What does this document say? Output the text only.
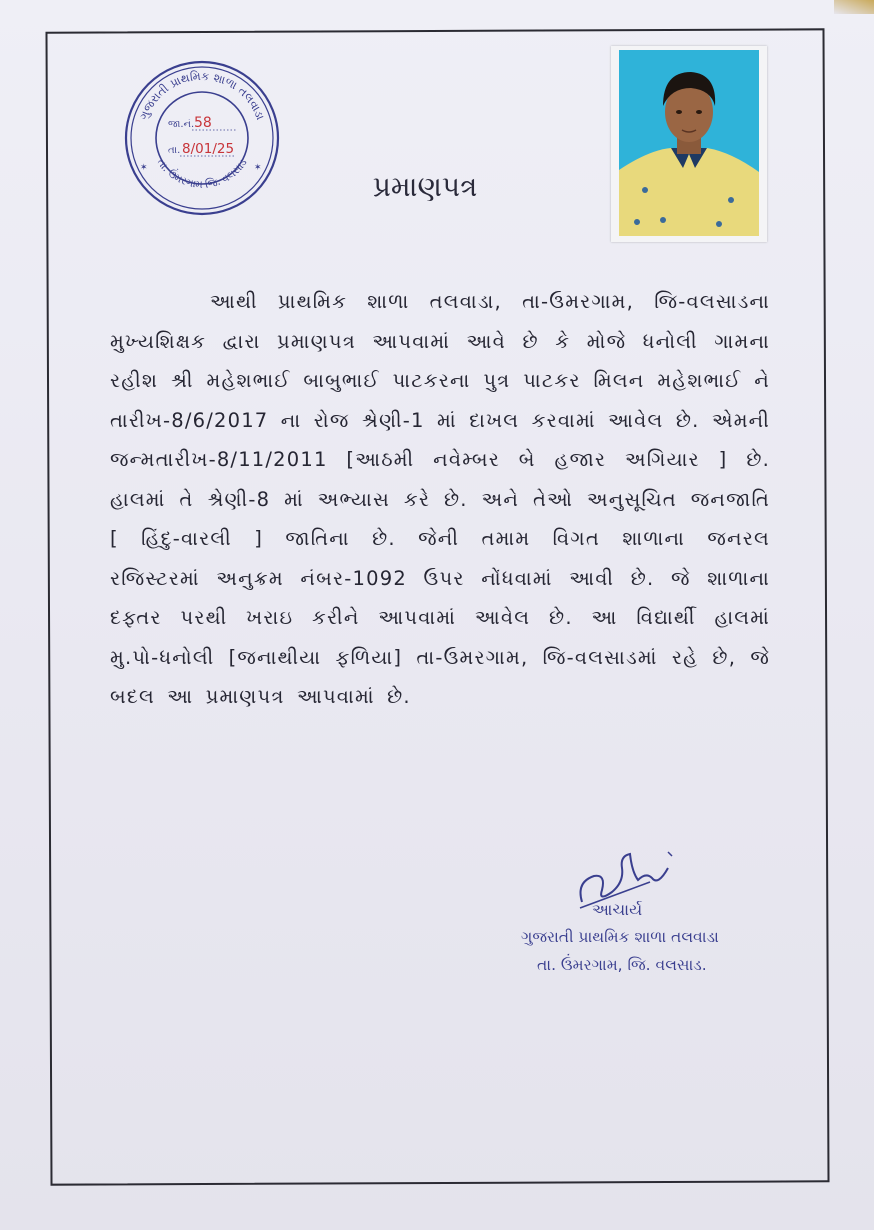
ગુજરાતી પ્રાથમિક શાળા તલવાડા
તા. ઉંમરગામ જિ. વલસાડ
જા.નં. 58
તા. 8/01/25
✶
✶
પ્રમાણપત્ર
આથી પ્રાથમિક શાળા તલવાડા, તા-ઉમરગામ, જિ-વલસાડના મુખ્યશિક્ષક દ્વારા પ્રમાણપત્ર આપવામાં આવે છે કે મોજે ધનોલી ગામના રહીશ શ્રી મહેશભાઈ બાબુભાઈ પાટકરના પુત્ર પાટકર મિલન મહેશભાઈ ને તારીખ-8/6/2017 ના રોજ શ્રેણી-1 માં દાખલ કરવામાં આવેલ છે. એમની જન્મતારીખ-8/11/2011 [આઠમી નવેમ્બર બે હજાર અગિયાર ] છે. હાલમાં તે શ્રેણી-8 માં અભ્યાસ કરે છે. અને તેઓ અનુસૂચિત જનજાતિ [ હિંદુ-વારલી ] જાતિના છે. જેની તમામ વિગત શાળાના જનરલ રજિસ્ટરમાં અનુક્રમ નંબર-1092 ઉપર નોંધવામાં આવી છે. જે શાળાના દફ્તર પરથી ખરાઇ કરીને આપવામાં આવેલ છે. આ વિદ્યાર્થી હાલમાં મુ.પો-ધનોલી [જનાથીયા ફળિયા] તા-ઉમરગામ, જિ-વલસાડમાં રહે છે, જે બદલ આ પ્રમાણપત્ર આપવામાં છે.
આચાર્ય
ગુજરાતી પ્રાથમિક શાળા તલવાડા
તા. ઉંમરગામ, જિ. વલસાડ.
